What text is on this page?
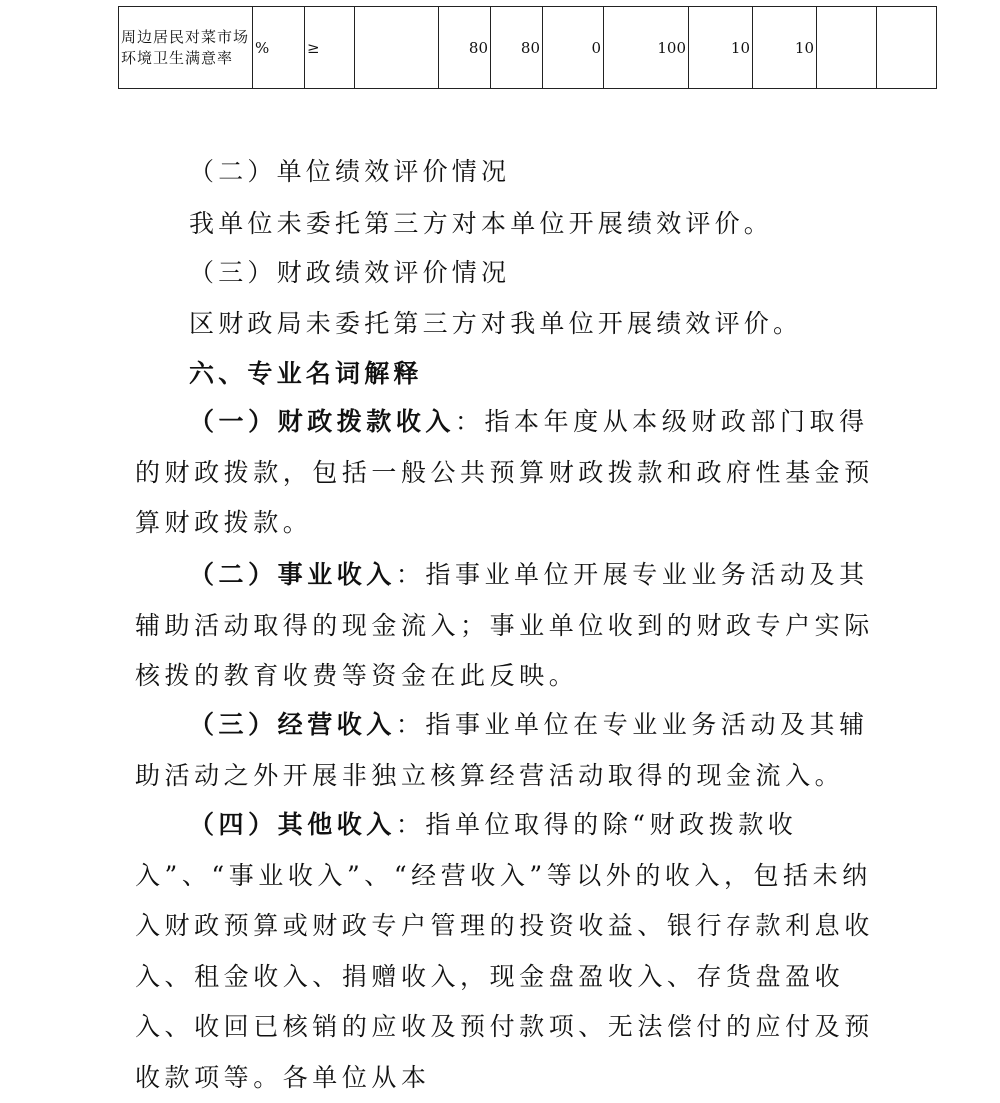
周边居民对菜市场环境卫生满意率	%	≥		80	80	0	100	10	10		
（二）单位绩效评价情况
我单位未委托第三方对本单位开展绩效评价。
（三）财政绩效评价情况
区财政局未委托第三方对我单位开展绩效评价。
六、专业名词解释
（一）财政拨款收入：指本年度从本级财政部门取得的财政拨款，包括一般公共预算财政拨款和政府性基金预算财政拨款。
（二）事业收入：指事业单位开展专业业务活动及其辅助活动取得的现金流入；事业单位收到的财政专户实际核拨的教育收费等资金在此反映。
（三）经营收入：指事业单位在专业业务活动及其辅助活动之外开展非独立核算经营活动取得的现金流入。
（四）其他收入：指单位取得的除“财政拨款收入”、“事业收入”、“经营收入”等以外的收入，包括未纳入财政预算或财政专户管理的投资收益、银行存款利息收入、租金收入、捐赠收入，现金盘盈收入、存货盘盈收入、收回已核销的应收及预付款项、无法偿付的应付及预收款项等。各单位从本
